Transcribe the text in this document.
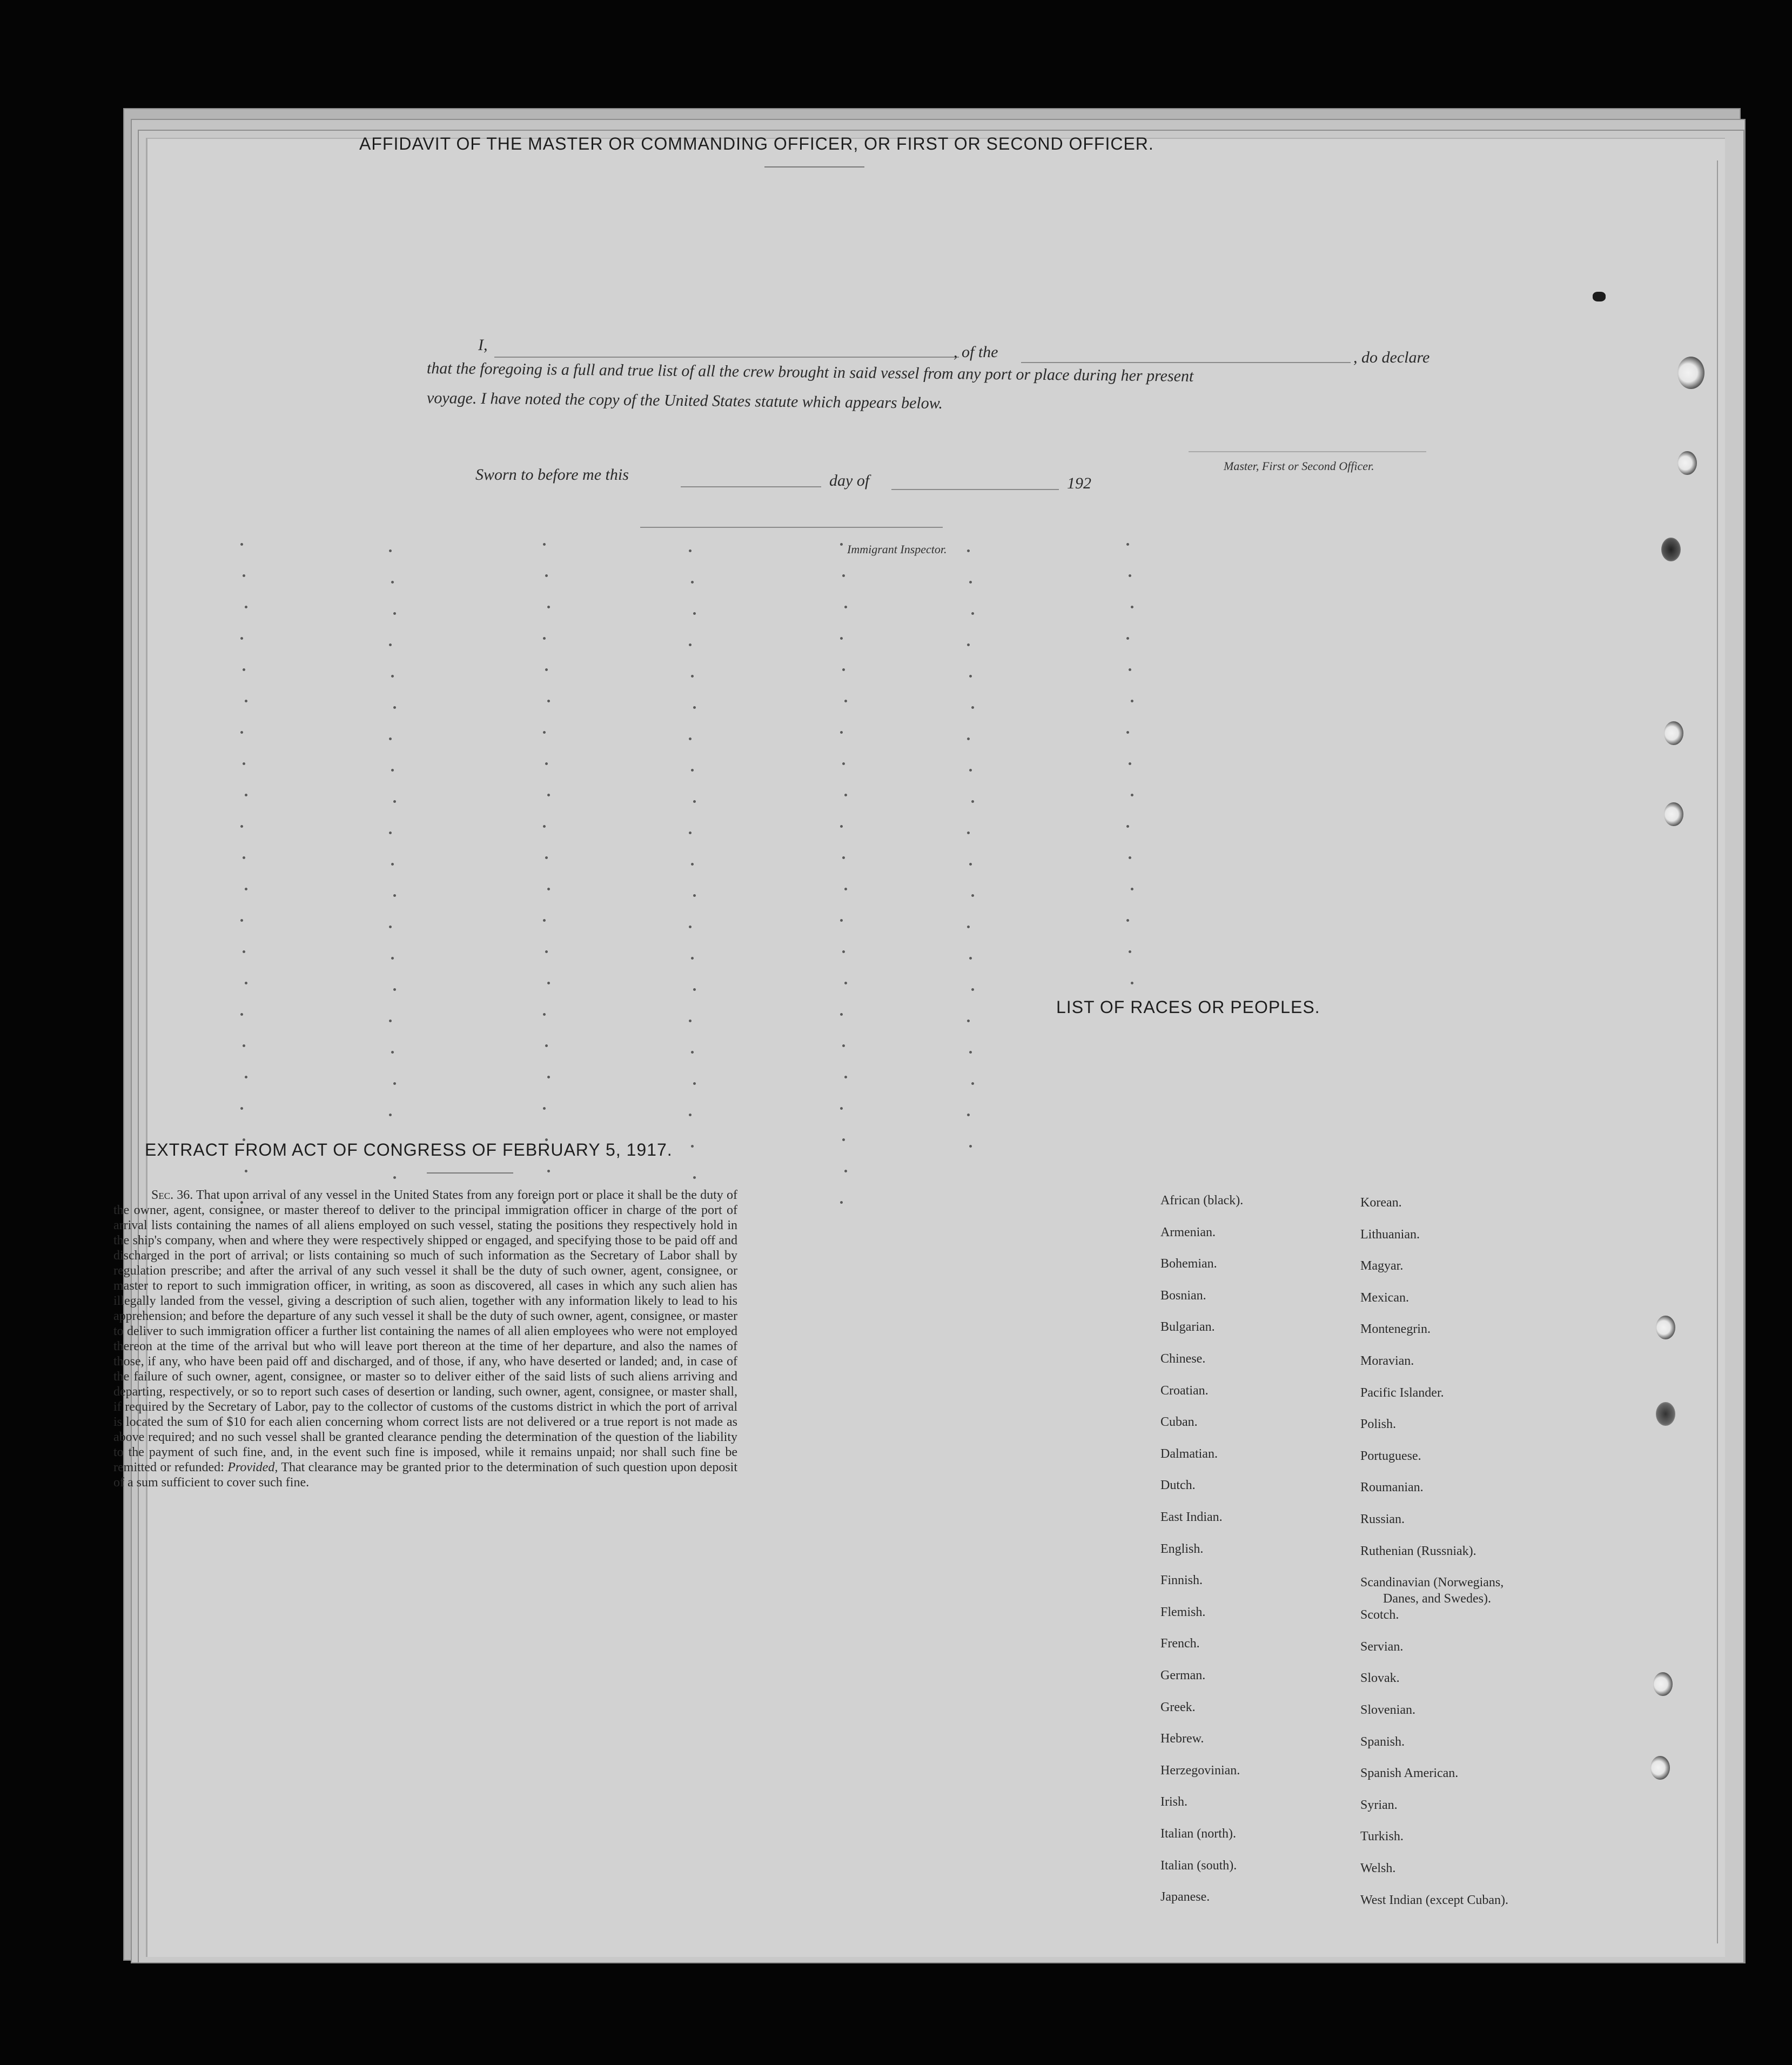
AFFIDAVIT OF THE MASTER OR COMMANDING OFFICER, OR FIRST OR SECOND OFFICER.
I,	, of the	, do declare
that the foregoing is a full and true list of all the crew brought in said vessel from any port or place during her present
voyage. I have noted the copy of the United States statute which appears below.
Sworn to before me this	day of	192
Master, First or Second Officer.
Immigrant Inspector.
EXTRACT FROM ACT OF CONGRESS OF FEBRUARY 5, 1917.
Sec. 36. That upon arrival of any vessel in the United States from any foreign port or place it shall be the duty of the owner, agent, consignee, or master thereof to deliver to the principal immigration officer in charge of the port of arrival lists containing the names of all aliens employed on such vessel, stating the positions they respectively hold in the ship's company, when and where they were respectively shipped or engaged, and specifying those to be paid off and discharged in the port of arrival; or lists containing so much of such information as the Secretary of Labor shall by regulation prescribe; and after the arrival of any such vessel it shall be the duty of such owner, agent, consignee, or master to report to such immigration officer, in writing, as soon as discovered, all cases in which any such alien has illegally landed from the vessel, giving a description of such alien, together with any information likely to lead to his apprehension; and before the departure of any such vessel it shall be the duty of such owner, agent, consignee, or master to deliver to such immigration officer a further list containing the names of all alien employees who were not employed thereon at the time of the arrival but who will leave port thereon at the time of her departure, and also the names of those, if any, who have been paid off and discharged, and of those, if any, who have deserted or landed; and, in case of the failure of such owner, agent, consignee, or master so to deliver either of the said lists of such aliens arriving and departing, respectively, or so to report such cases of desertion or landing, such owner, agent, consignee, or master shall, if required by the Secretary of Labor, pay to the collector of customs of the customs district in which the port of arrival is located the sum of $10 for each alien concerning whom correct lists are not delivered or a true report is not made as above required; and no such vessel shall be granted clearance pending the determination of the question of the liability to the payment of such fine, and, in the event such fine is imposed, while it remains unpaid; nor shall such fine be remitted or refunded: Provided, That clearance may be granted prior to the determination of such question upon deposit of a sum sufficient to cover such fine.
LIST OF RACES OR PEOPLES.
African (black).
Armenian.
Bohemian.
Bosnian.
Bulgarian.
Chinese.
Croatian.
Cuban.
Dalmatian.
Dutch.
East Indian.
English.
Finnish.
Flemish.
French.
German.
Greek.
Hebrew.
Herzegovinian.
Irish.
Italian (north).
Italian (south).
Japanese.
Korean.
Lithuanian.
Magyar.
Mexican.
Montenegrin.
Moravian.
Pacific Islander.
Polish.
Portuguese.
Roumanian.
Russian.
Ruthenian (Russniak).
Scandinavian (Norwegians,
Danes, and Swedes).
Scotch.
Servian.
Slovak.
Slovenian.
Spanish.
Spanish American.
Syrian.
Turkish.
Welsh.
West Indian (except Cuban).
